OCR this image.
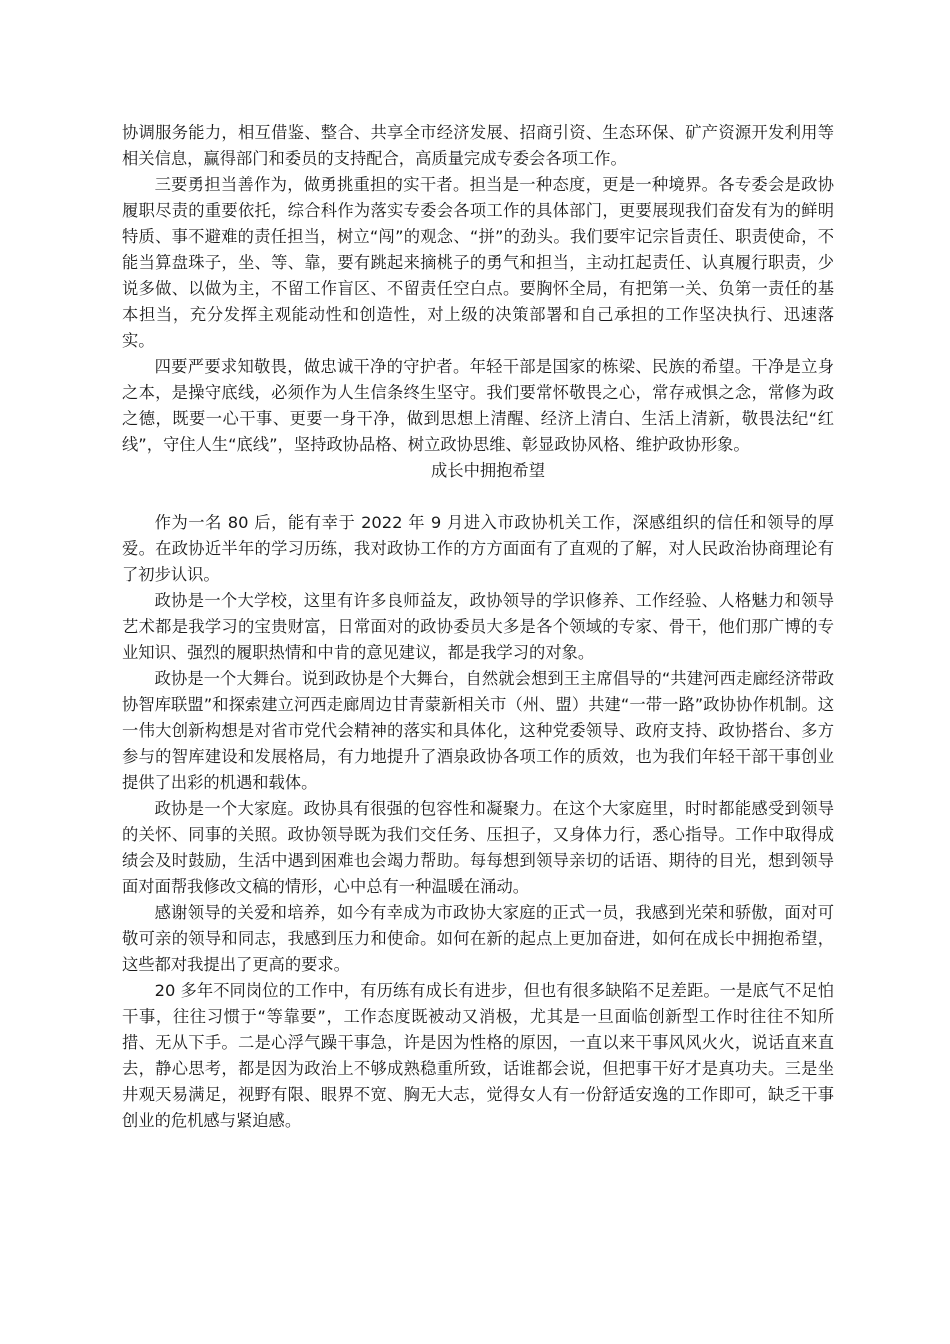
协调服务能力，相互借鉴、整合、共享全市经济发展、招商引资、生态环保、矿产资源开发利用等相关信息，赢得部门和委员的支持配合，高质量完成专委会各项工作。

三要勇担当善作为，做勇挑重担的实干者。担当是一种态度，更是一种境界。各专委会是政协履职尽责的重要依托，综合科作为落实专委会各项工作的具体部门，更要展现我们奋发有为的鲜明特质、事不避难的责任担当，树立“闯”的观念、“拼”的劲头。我们要牢记宗旨责任、职责使命，不能当算盘珠子，坐、等、靠，要有跳起来摘桃子的勇气和担当，主动扛起责任、认真履行职责，少说多做、以做为主，不留工作盲区、不留责任空白点。要胸怀全局，有把第一关、负第一责任的基本担当，充分发挥主观能动性和创造性，对上级的决策部署和自己承担的工作坚决执行、迅速落实。

四要严要求知敬畏，做忠诚干净的守护者。年轻干部是国家的栋梁、民族的希望。干净是立身之本，是操守底线，必须作为人生信条终生坚守。我们要常怀敬畏之心，常存戒惧之念，常修为政之德，既要一心干事、更要一身干净，做到思想上清醒、经济上清白、生活上清新，敬畏法纪“红线”，守住人生“底线”，坚持政协品格、树立政协思维、彰显政协风格、维护政协形象。

成长中拥抱希望

作为一名 80 后，能有幸于 2022 年 9 月进入市政协机关工作，深感组织的信任和领导的厚爱。在政协近半年的学习历练，我对政协工作的方方面面有了直观的了解，对人民政治协商理论有了初步认识。

政协是一个大学校，这里有许多良师益友，政协领导的学识修养、工作经验、人格魅力和领导艺术都是我学习的宝贵财富，日常面对的政协委员大多是各个领域的专家、骨干，他们那广博的专业知识、强烈的履职热情和中肯的意见建议，都是我学习的对象。

政协是一个大舞台。说到政协是个大舞台，自然就会想到王主席倡导的“共建河西走廊经济带政协智库联盟”和探索建立河西走廊周边甘青蒙新相关市（州、盟）共建“一带一路”政协协作机制。这一伟大创新构想是对省市党代会精神的落实和具体化，这种党委领导、政府支持、政协搭台、多方参与的智库建设和发展格局，有力地提升了酒泉政协各项工作的质效，也为我们年轻干部干事创业提供了出彩的机遇和载体。

政协是一个大家庭。政协具有很强的包容性和凝聚力。在这个大家庭里，时时都能感受到领导的关怀、同事的关照。政协领导既为我们交任务、压担子，又身体力行，悉心指导。工作中取得成绩会及时鼓励，生活中遇到困难也会竭力帮助。每每想到领导亲切的话语、期待的目光，想到领导面对面帮我修改文稿的情形，心中总有一种温暖在涌动。

感谢领导的关爱和培养，如今有幸成为市政协大家庭的正式一员，我感到光荣和骄傲，面对可敬可亲的领导和同志，我感到压力和使命。如何在新的起点上更加奋进，如何在成长中拥抱希望，这些都对我提出了更高的要求。

20 多年不同岗位的工作中，有历练有成长有进步，但也有很多缺陷不足差距。一是底气不足怕干事，往往习惯于“等靠要”，工作态度既被动又消极，尤其是一旦面临创新型工作时往往不知所措、无从下手。二是心浮气躁干事急，许是因为性格的原因，一直以来干事风风火火，说话直来直去，静心思考，都是因为政治上不够成熟稳重所致，话谁都会说，但把事干好才是真功夫。三是坐井观天易满足，视野有限、眼界不宽、胸无大志，觉得女人有一份舒适安逸的工作即可，缺乏干事创业的危机感与紧迫感。
